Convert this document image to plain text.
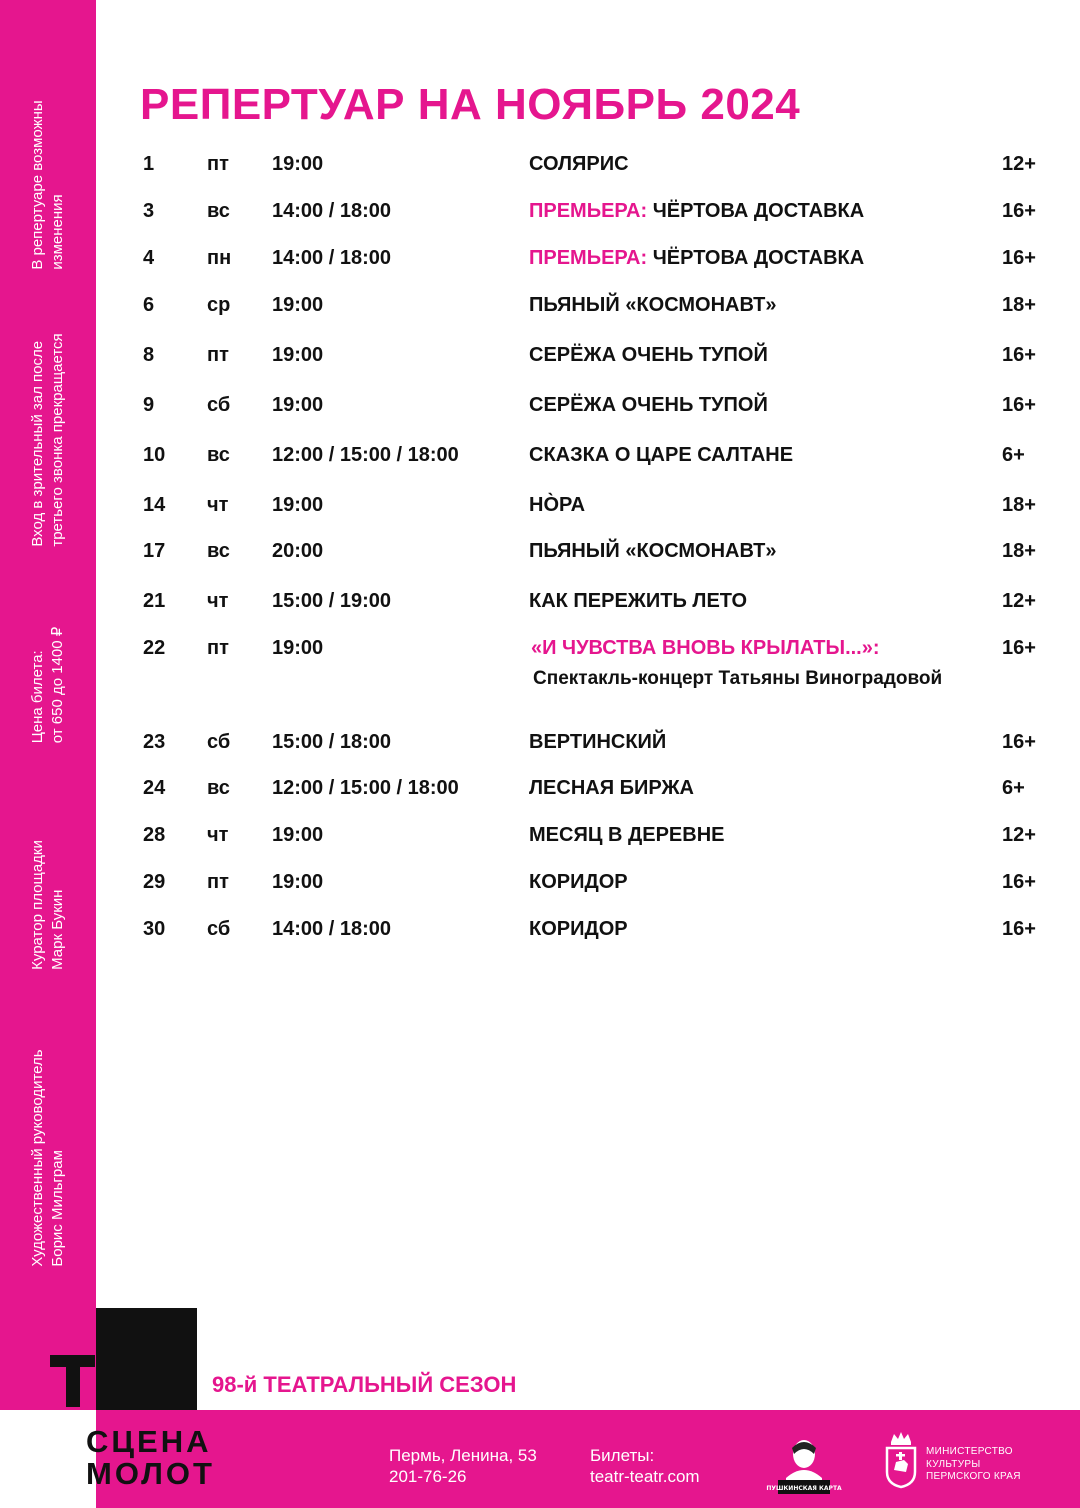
В репертуаре возможны изменения
Вход в зрительный зал после третьего звонка прекращается
Цена билета: от 650 до 1400 ₽
Куратор площадки Марк Букин
Художественный руководитель Борис Мильграм
РЕПЕРТУАР НА НОЯБРЬ 2024
1	пт 19:00	СОЛЯРИС	12+
3	вс 14:00 / 18:00	ПРЕМЬЕРА: ЧЁРТОВА ДОСТАВКА	16+
4	пн 14:00 / 18:00	ПРЕМЬЕРА: ЧЁРТОВА ДОСТАВКА	16+
6	ср 19:00	ПЬЯНЫЙ «КОСМОНАВТ»	18+
8	пт 19:00	СЕРЁЖА ОЧЕНЬ ТУПОЙ	16+
9	сб 19:00	СЕРЁЖА ОЧЕНЬ ТУПОЙ	16+
10 вс 12:00 / 15:00 / 18:00	СКАЗКА О ЦАРЕ САЛТАНЕ	6+
14 чт 19:00	НО̀РА	18+
17 вс 20:00	ПЬЯНЫЙ «КОСМОНАВТ»	18+
21 чт 15:00 / 19:00	КАК ПЕРЕЖИТЬ ЛЕТО	12+
22 пт 19:00	«И ЧУВСТВА ВНОВЬ КРЫЛАТЫ...»:	16+
Спектакль-концерт Татьяны Виноградовой
23 сб 15:00 / 18:00	ВЕРТИНСКИЙ	16+
24 вс 12:00 / 15:00 / 18:00	ЛЕСНАЯ БИРЖА	6+
28 чт 19:00	МЕСЯЦ В ДЕРЕВНЕ	12+
29 пт 19:00	КОРИДОР	16+
30 сб 14:00 / 18:00	КОРИДОР	16+
98-й ТЕАТРАЛЬНЫЙ СЕЗОН
СЦЕНА
МОЛОТ
Пермь, Ленина, 53
201-76-26
Билеты:
teatr-teatr.com
ПУШКИНСКАЯ КАРТА
МИНИСТЕРСТВО
КУЛЬТУРЫ
ПЕРМСКОГО КРАЯ
